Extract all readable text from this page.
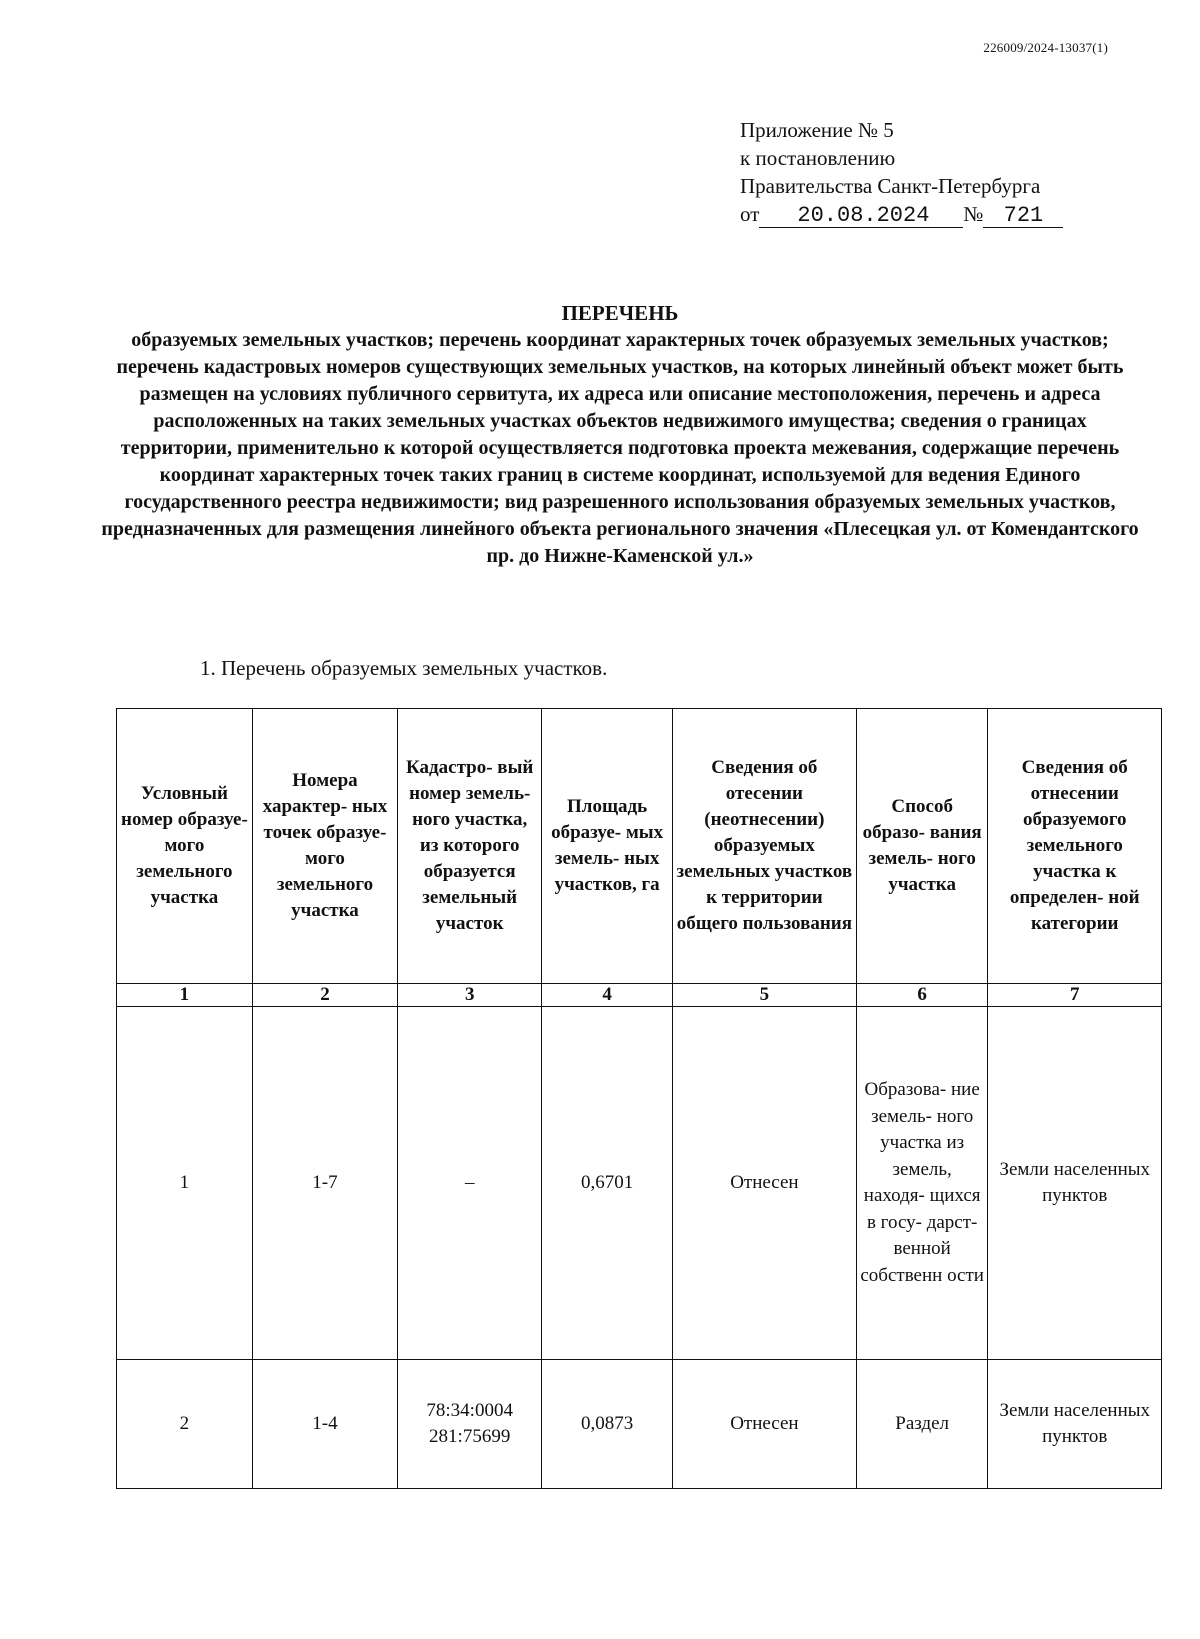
226009/2024-13037(1)
Приложение № 5
к постановлению
Правительства Санкт-Петербурга
от 20.08.2024 № 721
ПЕРЕЧЕНЬ
образуемых земельных участков; перечень координат характерных точек образуемых земельных участков; перечень кадастровых номеров существующих земельных участков, на которых линейный объект может быть размещен на условиях публичного сервитута, их адреса или описание местоположения, перечень и адреса расположенных на таких земельных участках объектов недвижимого имущества; сведения о границах территории, применительно к которой осуществляется подготовка проекта межевания, содержащие перечень координат характерных точек таких границ в системе координат, используемой для ведения Единого государственного реестра недвижимости; вид разрешенного использования образуемых земельных участков, предназначенных для размещения линейного объекта регионального значения «Плесецкая ул. от Комендантского пр. до Нижне-Каменской ул.»
1. Перечень образуемых земельных участков.
Условный номер образуе- мого земельного участка	Номера характер- ных точек образуе- мого земельного участка	Кадастро- вый номер земель- ного участка, из которого образуется земельный участок	Площадь образуе- мых земель- ных участков, га	Сведения об отесении (неотнесении) образуемых земельных участков к территории общего пользования	Способ образо- вания земель- ного участка	Сведения об отнесении образуемого земельного участка к определен- ной категории
1	2	3	4	5	6	7
1	1-7	–	0,6701	Отнесен	Образова- ние земель- ного участка из земель, находя- щихся в госу- дарст- венной собственн ости	Земли населенных пунктов
2	1-4	78:34:0004 281:75699	0,0873	Отнесен	Раздел	Земли населенных пунктов
